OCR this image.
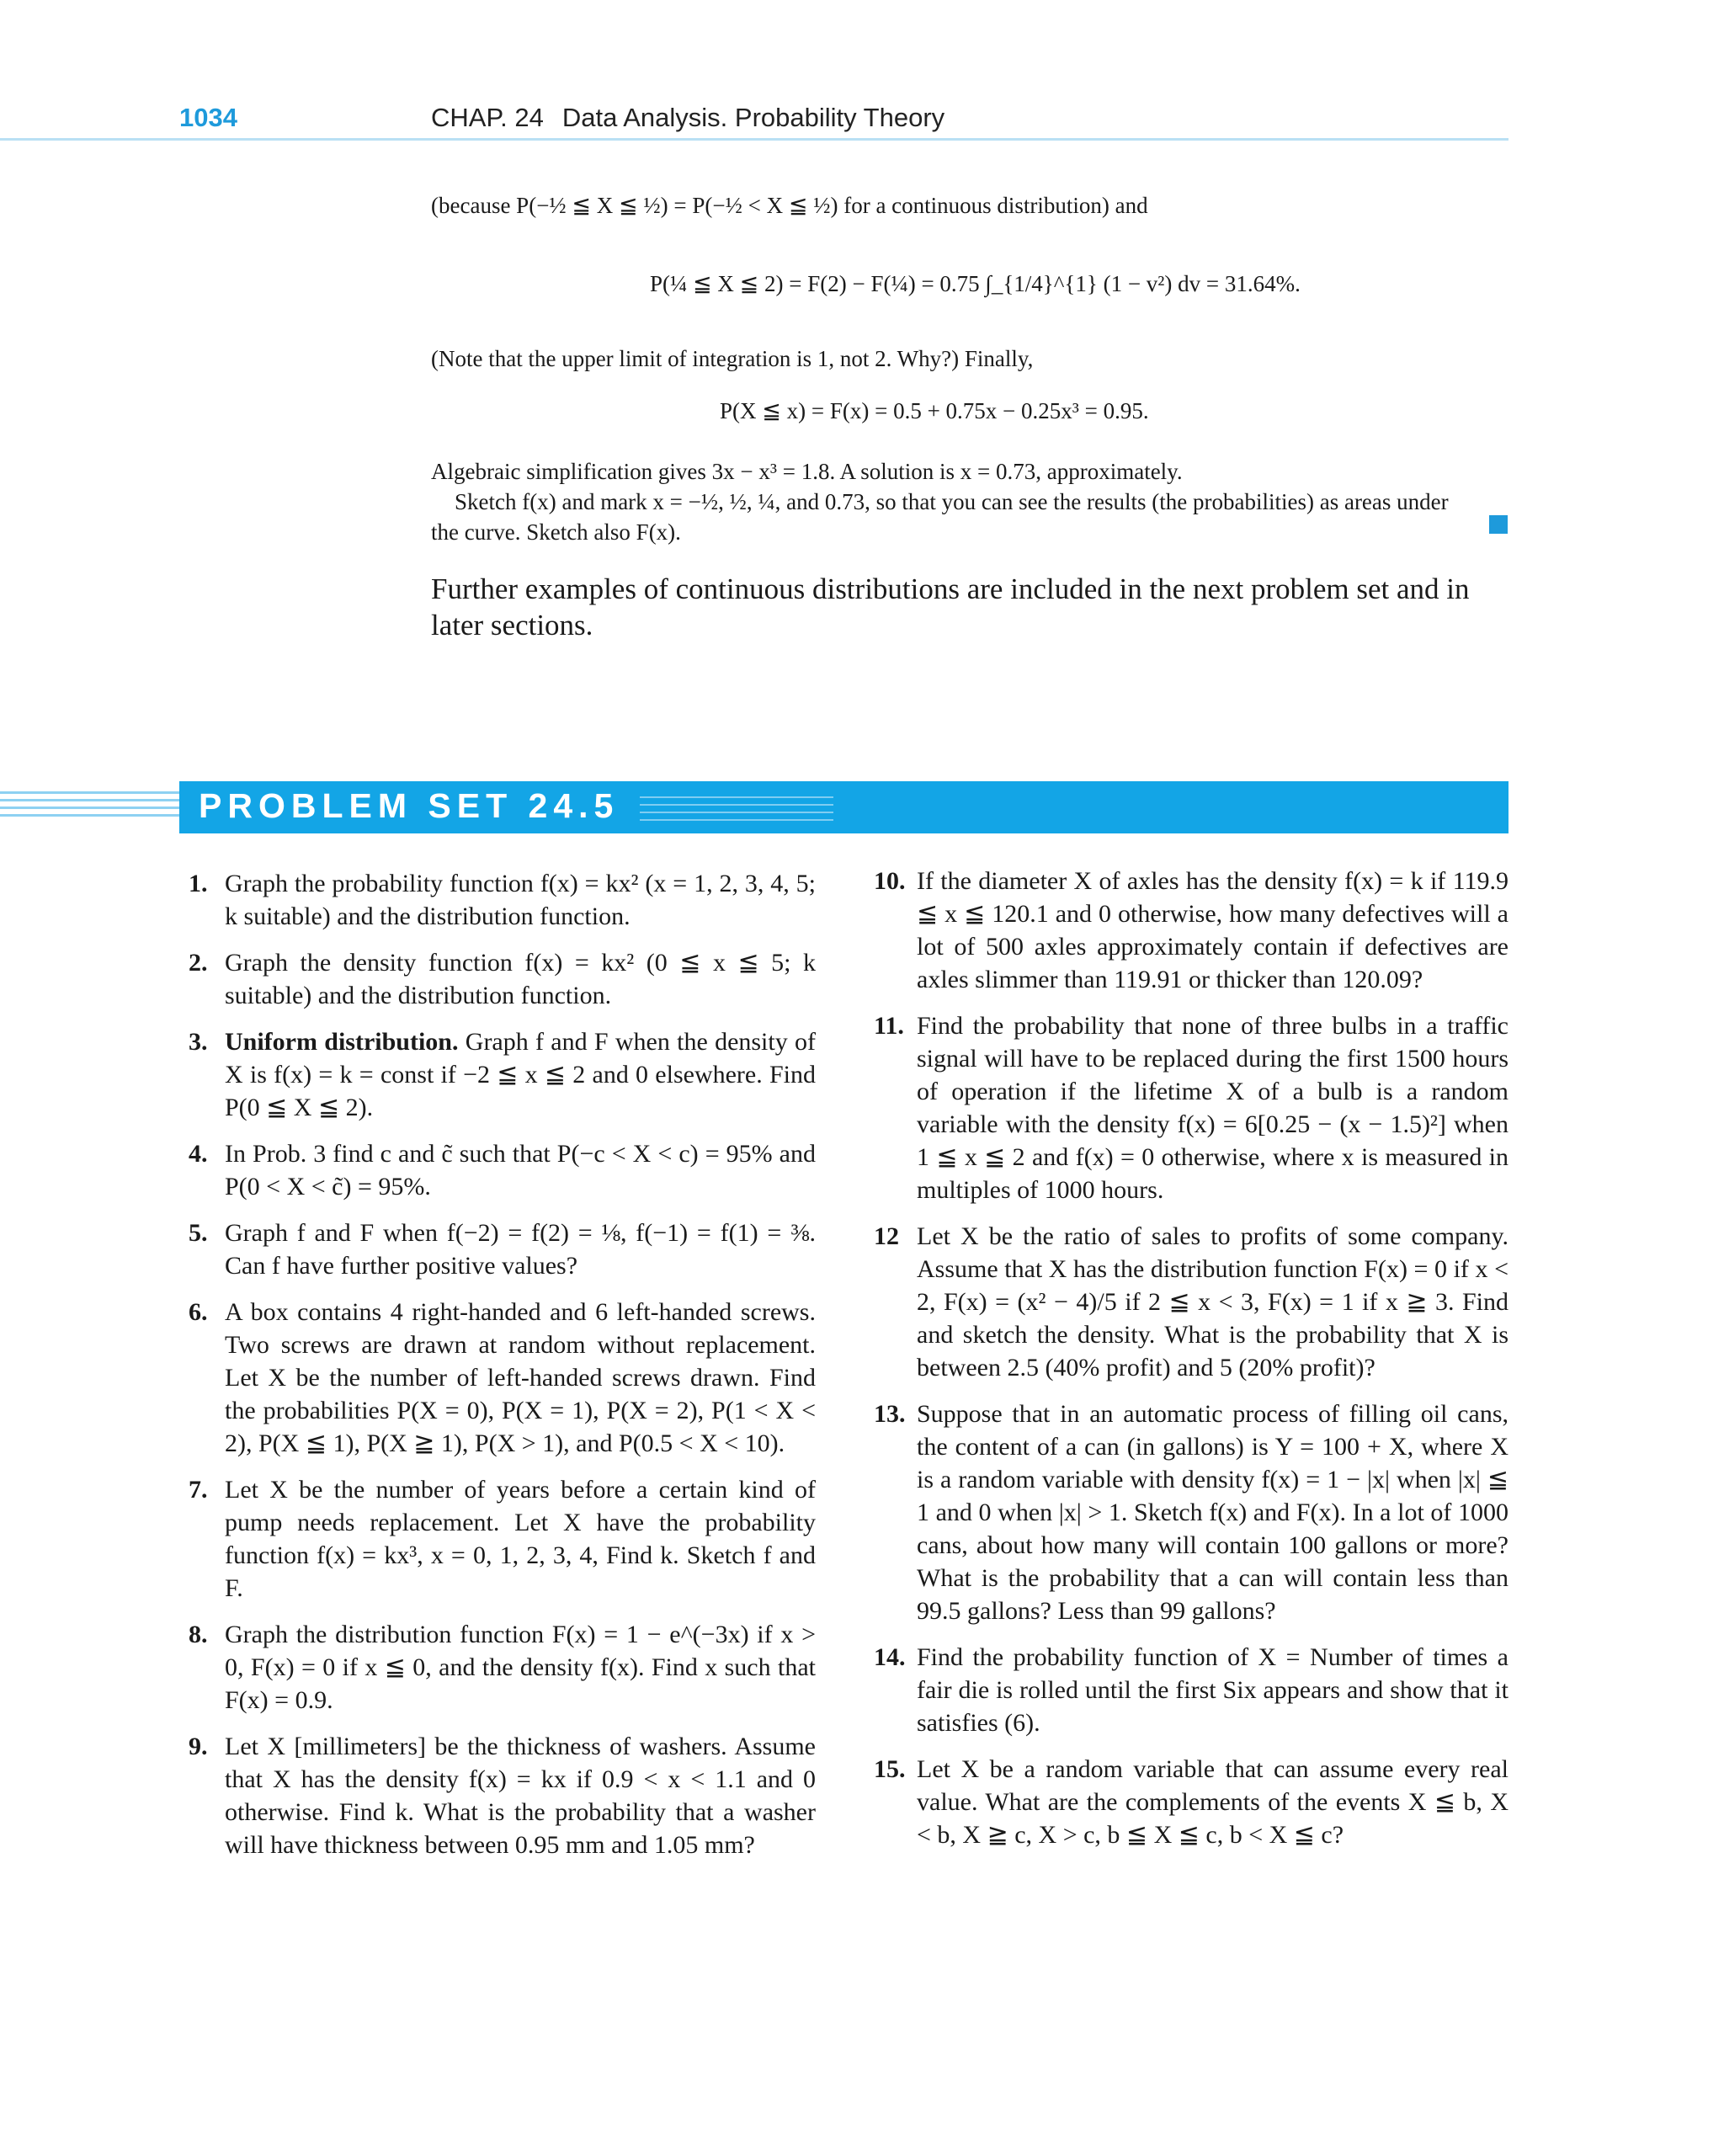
1034	CHAP. 24 Data Analysis. Probability Theory
(because P(−½ ≦ X ≦ ½) = P(−½ < X ≦ ½) for a continuous distribution) and
P(¼ ≦ X ≦ 2) = F(2) − F(¼) = 0.75 ∫_{1/4}^{1} (1 − v²) dv = 31.64%.
(Note that the upper limit of integration is 1, not 2. Why?) Finally,
P(X ≦ x) = F(x) = 0.5 + 0.75x − 0.25x³ = 0.95.
Algebraic simplification gives 3x − x³ = 1.8. A solution is x = 0.73, approximately.
Sketch f(x) and mark x = −½, ½, ¼, and 0.73, so that you can see the results (the probabilities) as areas under
the curve. Sketch also F(x).
Further examples of continuous distributions are included in the next problem set and in
later sections.
PROBLEM SET 24.5
1. Graph the probability function f(x) = kx² (x = 1, 2, 3, 4, 5; k suitable) and the distribution function.
2. Graph the density function f(x) = kx² (0 ≦ x ≦ 5; k suitable) and the distribution function.
3. Uniform distribution. Graph f and F when the density of X is f(x) = k = const if −2 ≦ x ≦ 2 and 0 elsewhere. Find P(0 ≦ X ≦ 2).
4. In Prob. 3 find c and c̃ such that P(−c < X < c) = 95% and P(0 < X < c̃) = 95%.
5. Graph f and F when f(−2) = f(2) = ⅛, f(−1) = f(1) = ⅜. Can f have further positive values?
6. A box contains 4 right-handed and 6 left-handed screws. Two screws are drawn at random without replacement. Let X be the number of left-handed screws drawn. Find the probabilities P(X = 0), P(X = 1), P(X = 2), P(1 < X < 2), P(X ≦ 1), P(X ≧ 1), P(X > 1), and P(0.5 < X < 10).
7. Let X be the number of years before a certain kind of pump needs replacement. Let X have the probability function f(x) = kx³, x = 0, 1, 2, 3, 4, Find k. Sketch f and F.
8. Graph the distribution function F(x) = 1 − e^(−3x) if x > 0, F(x) = 0 if x ≦ 0, and the density f(x). Find x such that F(x) = 0.9.
9. Let X [millimeters] be the thickness of washers. Assume that X has the density f(x) = kx if 0.9 < x < 1.1 and 0 otherwise. Find k. What is the probability that a washer will have thickness between 0.95 mm and 1.05 mm?
10. If the diameter X of axles has the density f(x) = k if 119.9 ≦ x ≦ 120.1 and 0 otherwise, how many defectives will a lot of 500 axles approximately contain if defectives are axles slimmer than 119.91 or thicker than 120.09?
11. Find the probability that none of three bulbs in a traffic signal will have to be replaced during the first 1500 hours of operation if the lifetime X of a bulb is a random variable with the density f(x) = 6[0.25 − (x − 1.5)²] when 1 ≦ x ≦ 2 and f(x) = 0 otherwise, where x is measured in multiples of 1000 hours.
12 Let X be the ratio of sales to profits of some company. Assume that X has the distribution function F(x) = 0 if x < 2, F(x) = (x² − 4)/5 if 2 ≦ x < 3, F(x) = 1 if x ≧ 3. Find and sketch the density. What is the probability that X is between 2.5 (40% profit) and 5 (20% profit)?
13. Suppose that in an automatic process of filling oil cans, the content of a can (in gallons) is Y = 100 + X, where X is a random variable with density f(x) = 1 − |x| when |x| ≦ 1 and 0 when |x| > 1. Sketch f(x) and F(x). In a lot of 1000 cans, about how many will contain 100 gallons or more? What is the probability that a can will contain less than 99.5 gallons? Less than 99 gallons?
14. Find the probability function of X = Number of times a fair die is rolled until the first Six appears and show that it satisfies (6).
15. Let X be a random variable that can assume every real value. What are the complements of the events X ≦ b, X < b, X ≧ c, X > c, b ≦ X ≦ c, b < X ≦ c?
